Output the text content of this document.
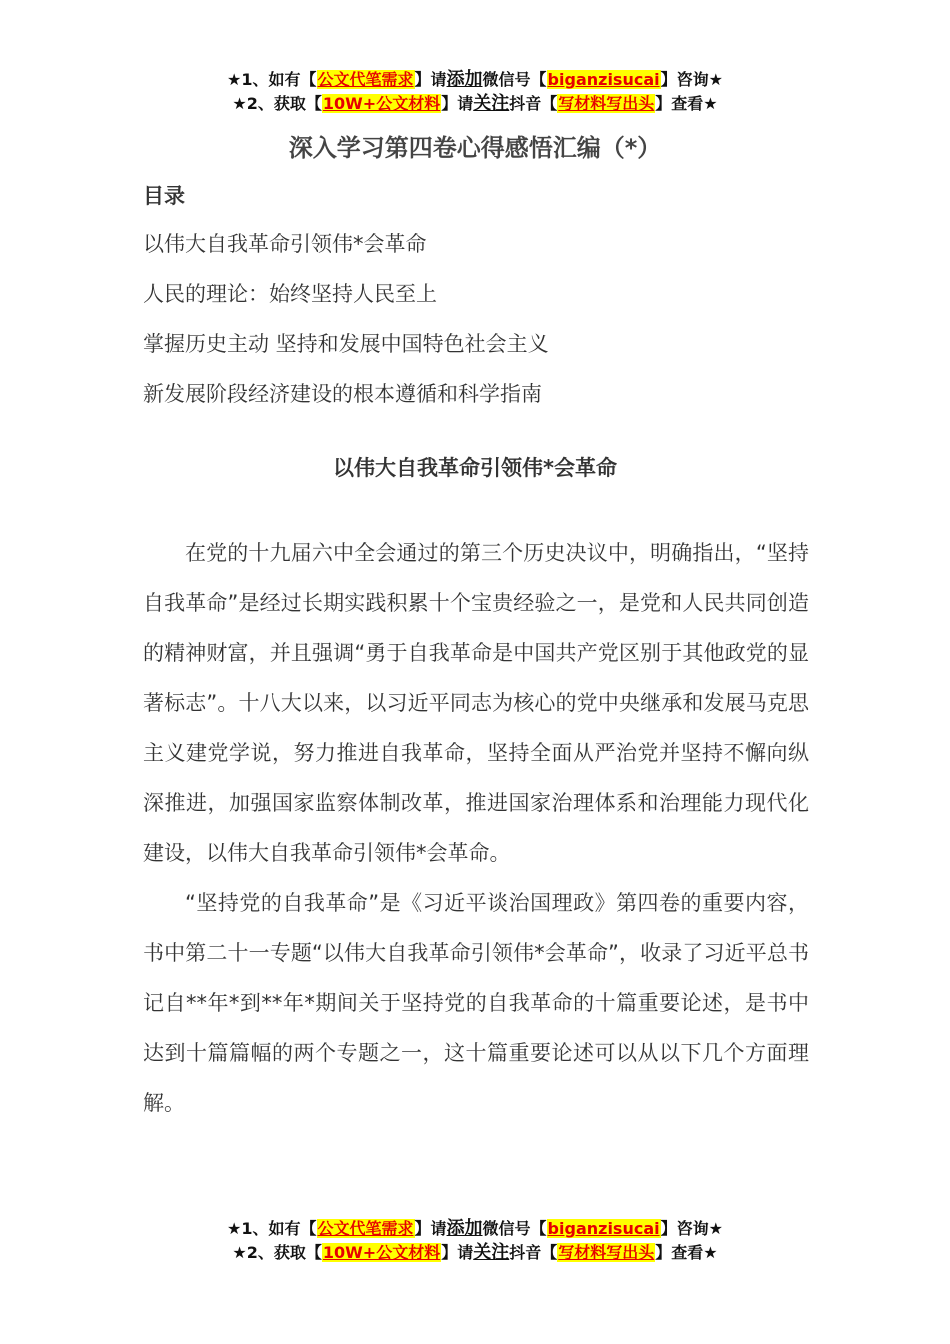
★1、如有【公文代笔需求】请添加微信号【biganzisucai】咨询★
★2、获取【10W+公文材料】请关注抖音【写材料写出头】查看★
深入学习第四卷心得感悟汇编（*）
目录
以伟大自我革命引领伟*会革命
人民的理论：始终坚持人民至上
掌握历史主动 坚持和发展中国特色社会主义
新发展阶段经济建设的根本遵循和科学指南
以伟大自我革命引领伟*会革命

在党的十九届六中全会通过的第三个历史决议中，明确指出，“坚持自我革命”是经过长期实践积累十个宝贵经验之一，是党和人民共同创造的精神财富，并且强调“勇于自我革命是中国共产党区别于其他政党的显著标志”。十八大以来，以习近平同志为核心的党中央继承和发展马克思主义建党学说，努力推进自我革命，坚持全面从严治党并坚持不懈向纵深推进，加强国家监察体制改革，推进国家治理体系和治理能力现代化建设，以伟大自我革命引领伟*会革命。

“坚持党的自我革命”是《习近平谈治国理政》第四卷的重要内容，书中第二十一专题“以伟大自我革命引领伟*会革命”，收录了习近平总书记自**年*到**年*期间关于坚持党的自我革命的十篇重要论述，是书中达到十篇篇幅的两个专题之一，这十篇重要论述可以从以下几个方面理解。

★1、如有【公文代笔需求】请添加微信号【biganzisucai】咨询★
★2、获取【10W+公文材料】请关注抖音【写材料写出头】查看★
